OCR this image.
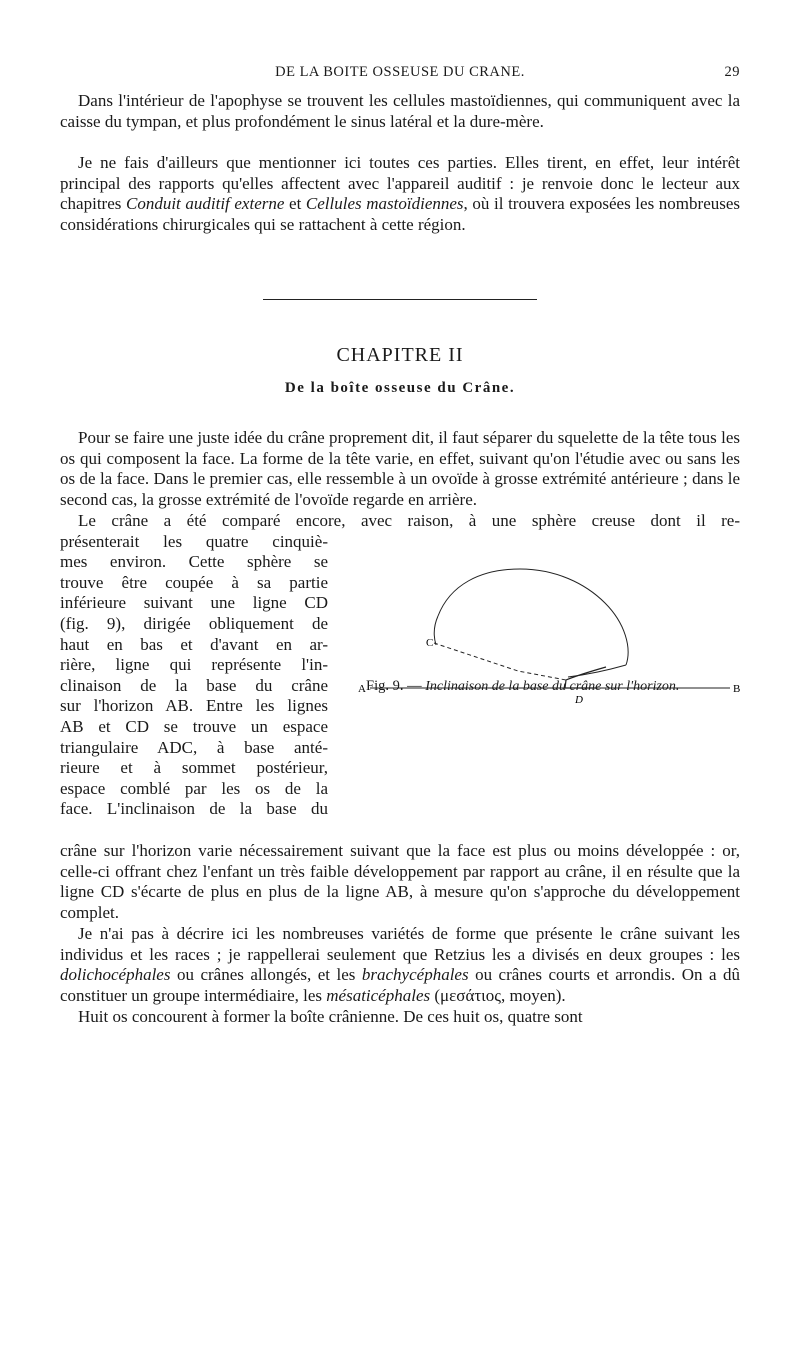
DE LA BOITE OSSEUSE DU CRANE.	29
Dans l'intérieur de l'apophyse se trouvent les cellules mastoïdiennes, qui communiquent avec la caisse du tympan, et plus profondément le sinus latéral et la dure-mère.
Je ne fais d'ailleurs que mentionner ici toutes ces parties. Elles tirent, en effet, leur intérêt principal des rapports qu'elles affectent avec l'appareil auditif : je renvoie donc le lecteur aux chapitres Conduit auditif externe et Cellules mastoïdiennes, où il trouvera exposées les nombreuses considérations chirurgicales qui se rattachent à cette région.
CHAPITRE II
De la boîte osseuse du Crâne.
Pour se faire une juste idée du crâne proprement dit, il faut séparer du squelette de la tête tous les os qui composent la face. La forme de la tête varie, en effet, suivant qu'on l'étudie avec ou sans les os de la face. Dans le premier cas, elle ressemble à un ovoïde à grosse extrémité antérieure ; dans le second cas, la grosse extrémité de l'ovoïde regarde en arrière.
Le crâne a été comparé encore, avec raison, à une sphère creuse dont il re-
présenterait les quatre cinquiè-
mes environ. Cette sphère se
trouve être coupée à sa partie
inférieure suivant une ligne CD
(fig. 9), dirigée obliquement de
haut en bas et d'avant en ar-
rière, ligne qui représente l'in-
clinaison de la base du crâne
sur l'horizon AB. Entre les lignes
AB et CD se trouve un espace
triangulaire ADC, à base anté-
rieure et à sommet postérieur,
espace comblé par les os de la
face. L'inclinaison de la base du
crâne sur l'horizon varie nécessairement suivant que la face est plus ou moins développée : or, celle-ci offrant chez l'enfant un très faible développement par rapport au crâne, il en résulte que la ligne CD s'écarte de plus en plus de la ligne AB, à mesure qu'on s'approche du développement complet.
A	B
C
D
Fig. 9. — Inclinaison de la base du crâne sur l'horizon.
Je n'ai pas à décrire ici les nombreuses variétés de forme que présente le crâne suivant les individus et les races ; je rappellerai seulement que Retzius les a divisés en deux groupes : les dolichocéphales ou crânes allongés, et les brachycéphales ou crânes courts et arrondis. On a dû constituer un groupe intermédiaire, les mésaticéphales (μεσάτιος, moyen).
Huit os concourent à former la boîte crânienne. De ces huit os, quatre sont
